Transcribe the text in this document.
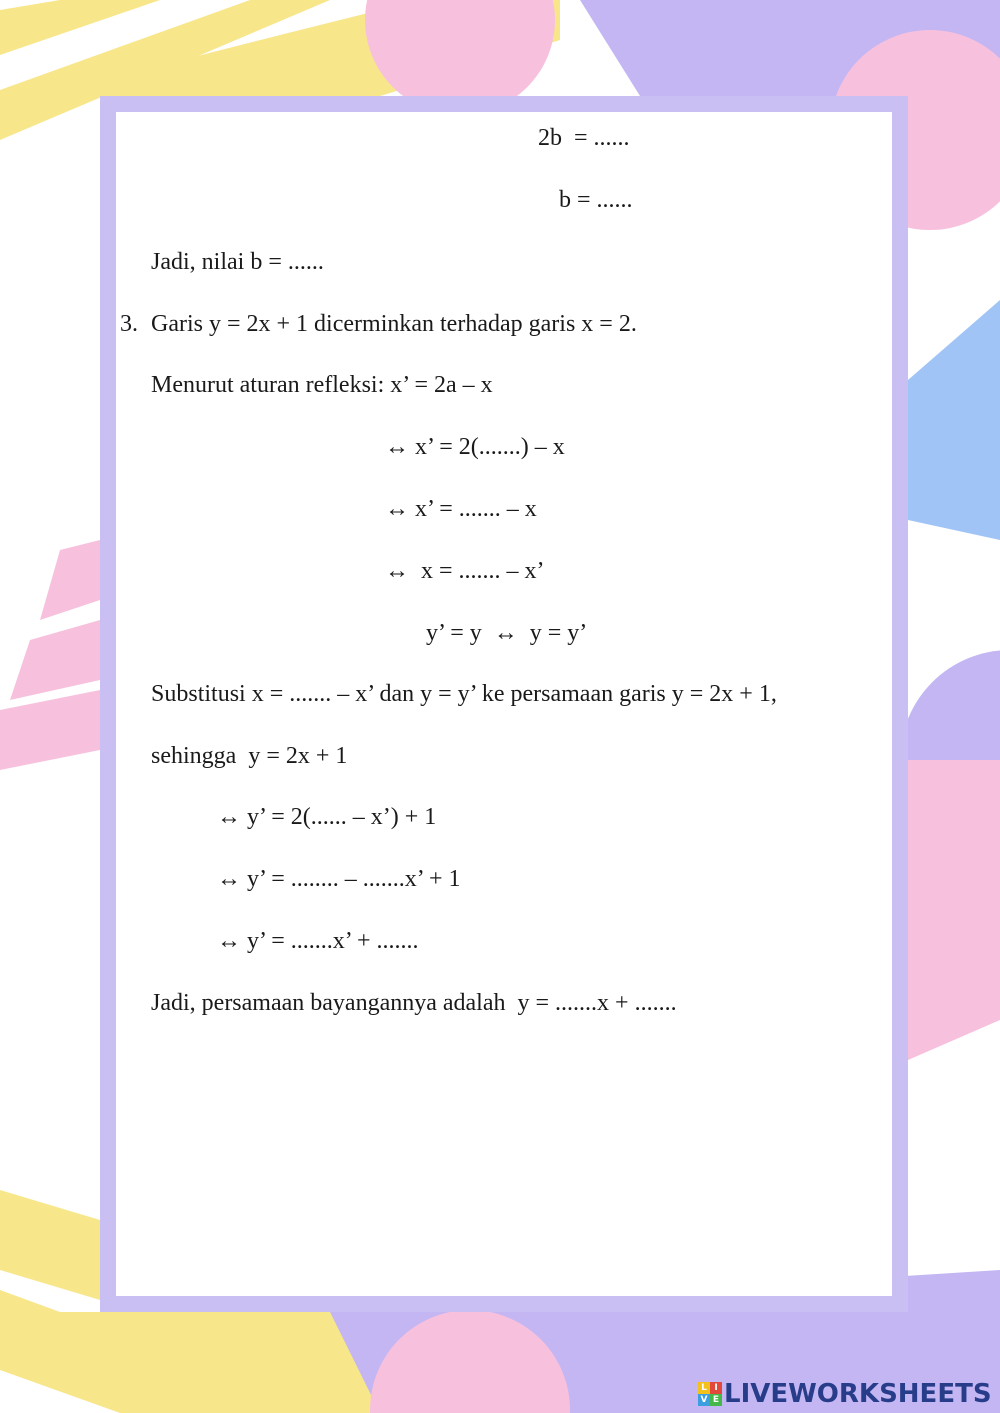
2b  = ......
b = ......
Jadi, nilai b = ......
3. Garis y = 2x + 1 dicerminkan terhadap garis x = 2.
Menurut aturan refleksi: x’ = 2a – x
↔ x’ = 2(.......) – x
↔ x’ = ....... – x
↔  x = ....... – x’
y’ = y  ↔  y = y’
Substitusi x = ....... – x’ dan y = y’ ke persamaan garis y = 2x + 1,
sehingga  y = 2x + 1
↔ y’ = 2(...... – x’) + 1
↔ y’ = ........ – .......x’ + 1
↔ y’ = .......x’ + .......
Jadi, persamaan bayangannya adalah  y = .......x + .......
L I
V E LIVEWORKSHEETS
